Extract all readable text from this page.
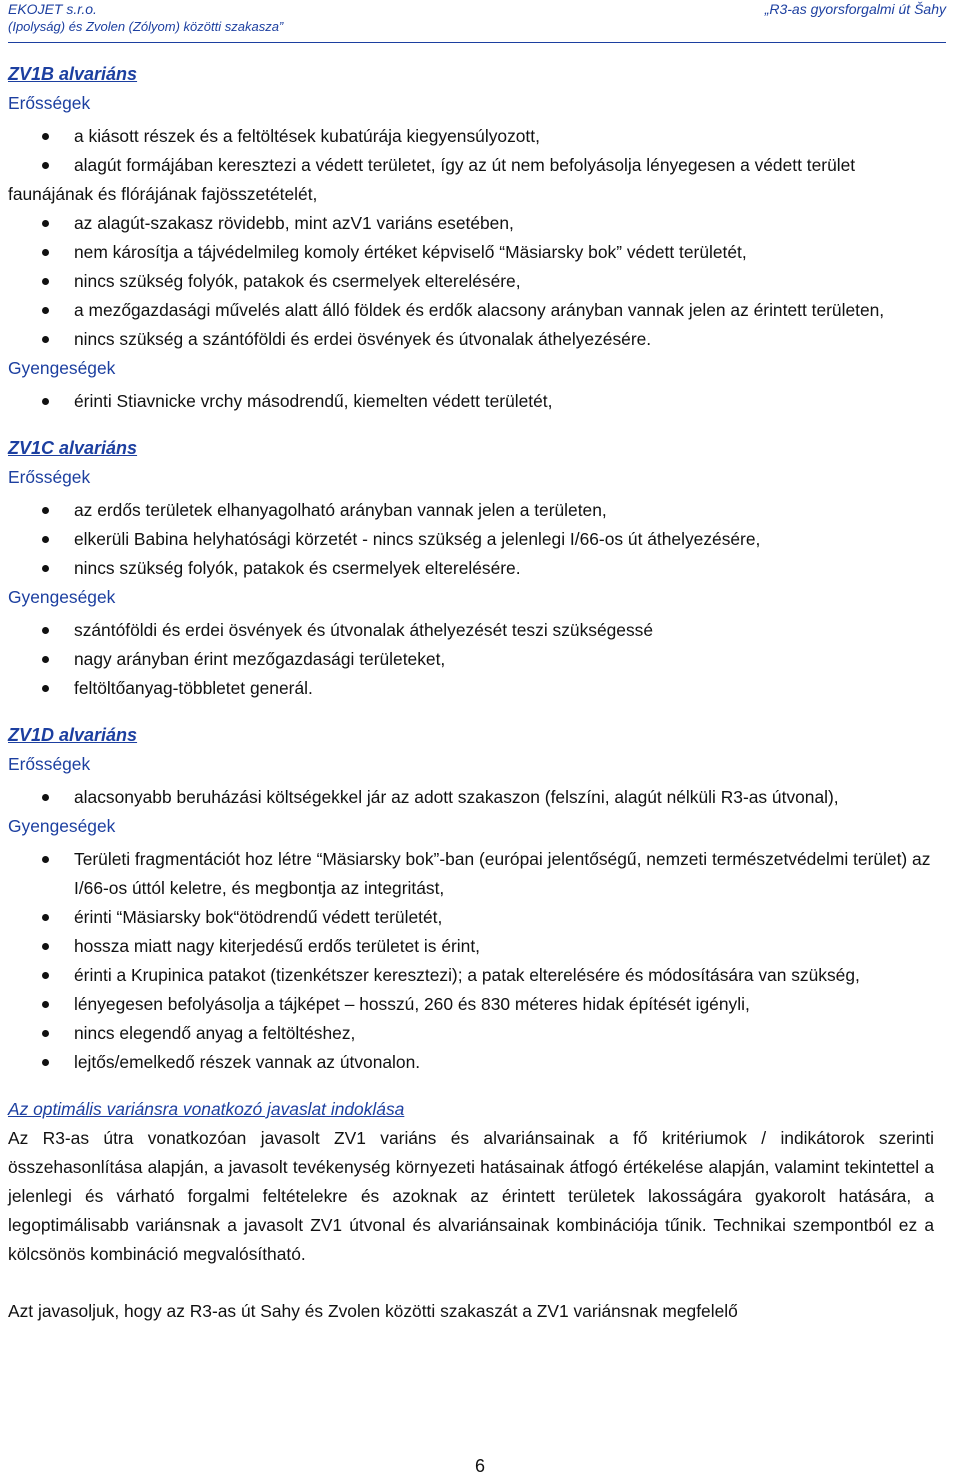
EKOJET s.r.o.
(Ipolyság) és Zvolen (Zólyom) közötti szakasza”
„R3-as gyorsforgalmi út Šahy

ZV1B alvariáns

Erősségek

a kiásott részek és a feltöltések kubatúrája kiegyensúlyozott,
alagút formájában keresztezi a védett területet, így az út nem befolyásolja lényegesen a védett terület faunájának és flórájának fajösszetételét,
az alagút-szakasz rövidebb, mint azV1 variáns esetében,
nem károsítja a tájvédelmileg komoly értéket képviselő “Mäsiarsky bok” védett területét,
nincs szükség folyók, patakok és csermelyek elterelésére,
a mezőgazdasági művelés alatt álló földek és erdők alacsony arányban vannak jelen az érintett területen,
nincs szükség a szántóföldi és erdei ösvények és útvonalak áthelyezésére.

Gyengeségek

érinti Stiavnicke vrchy másodrendű, kiemelten védett területét,

ZV1C alvariáns

Erősségek

az erdős területek elhanyagolható arányban vannak jelen a területen,
elkerüli Babina helyhatósági körzetét - nincs szükség a jelenlegi I/66-os út áthelyezésére,
nincs szükség folyók, patakok és csermelyek elterelésére.

Gyengeségek

szántóföldi és erdei ösvények és útvonalak áthelyezését teszi szükségessé
nagy arányban érint mezőgazdasági területeket,
feltöltőanyag-többletet generál.

ZV1D alvariáns

Erősségek

alacsonyabb beruházási költségekkel jár az adott szakaszon (felszíni, alagút nélküli R3-as útvonal),

Gyengeségek

Területi fragmentációt hoz létre “Mäsiarsky bok”-ban (európai jelentőségű, nemzeti természetvédelmi terület) az I/66-os úttól keletre, és megbontja az integritást,
érinti “Mäsiarsky bok“ötödrendű védett területét,
hossza miatt nagy kiterjedésű erdős területet is érint,
érinti a Krupinica patakot (tizenkétszer keresztezi); a patak elterelésére és módosítására van szükség,
lényegesen befolyásolja a tájképet – hosszú, 260 és 830 méteres hidak építését igényli,
nincs elegendő anyag a feltöltéshez,
lejtős/emelkedő részek vannak az útvonalon.

Az optimális variánsra vonatkozó javaslat indoklása

Az R3-as útra vonatkozóan javasolt ZV1 variáns és alvariánsainak a fő kritériumok / indikátorok szerinti összehasonlítása alapján, a javasolt tevékenység környezeti hatásainak átfogó értékelése alapján, valamint tekintettel a jelenlegi és várható forgalmi feltételekre és azoknak az érintett területek lakosságára gyakorolt hatására, a legoptimálisabb variánsnak a javasolt ZV1 útvonal és alvariánsainak kombinációja tűnik. Technikai szempontból ez a kölcsönös kombináció megvalósítható.

Azt javasoljuk, hogy az R3-as út Sahy és Zvolen közötti szakaszát a ZV1 variánsnak megfelelő

6
